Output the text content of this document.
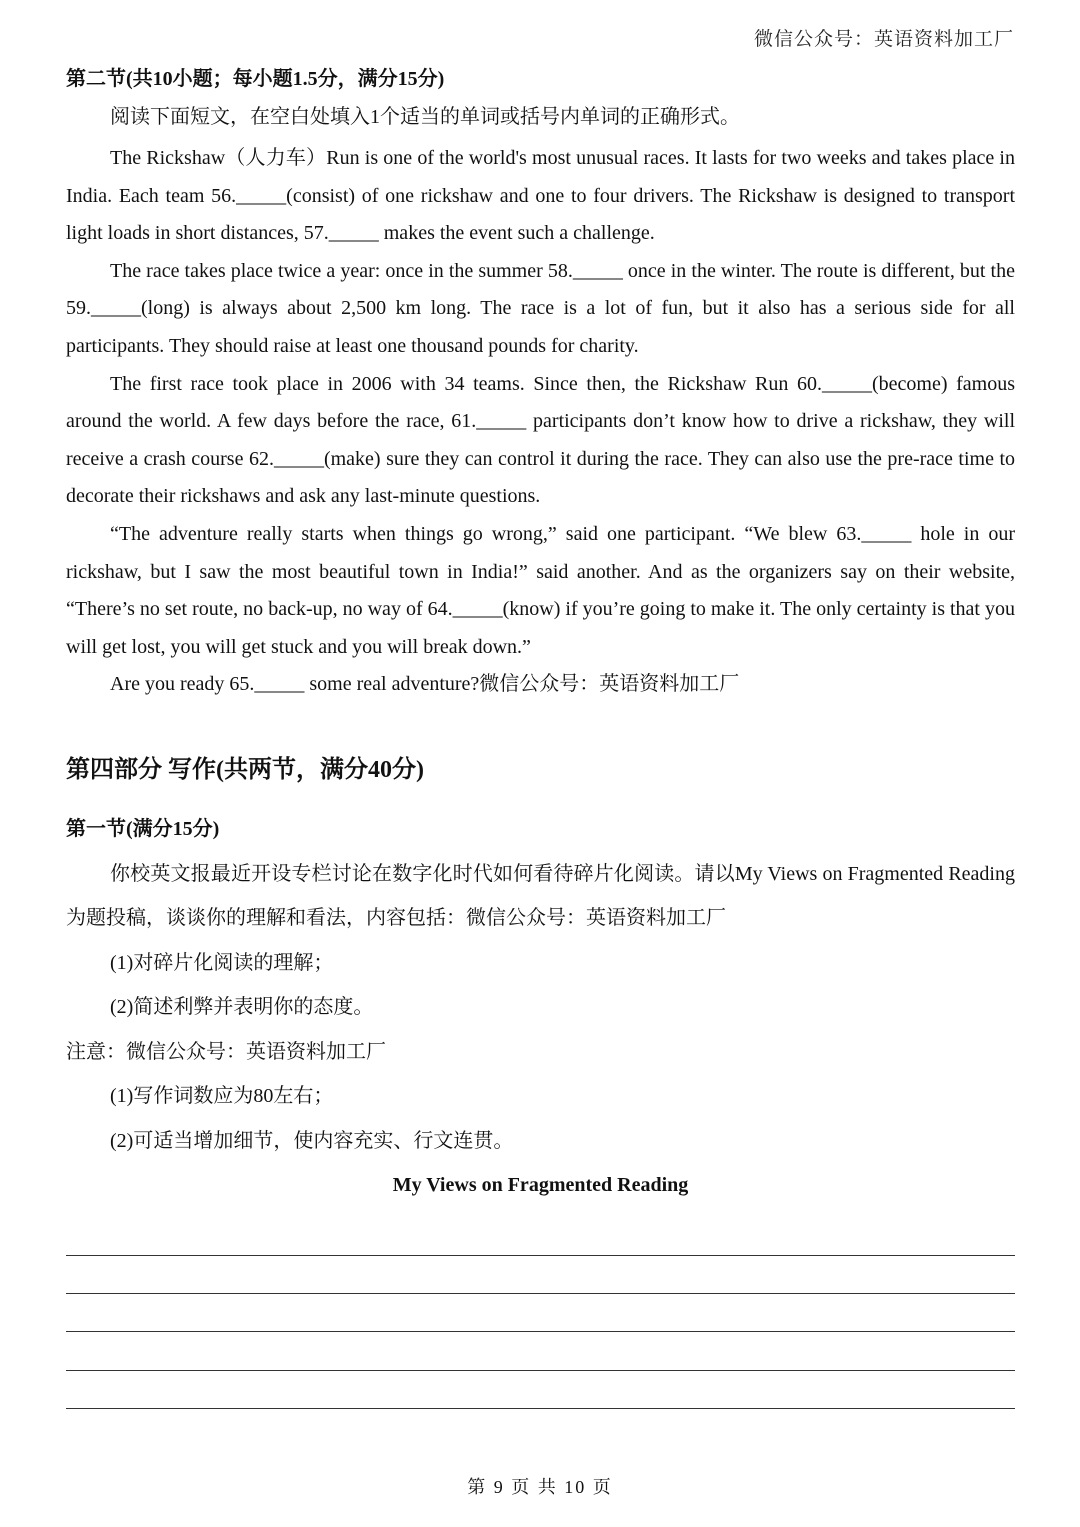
微信公众号：英语资料加工厂

第二节(共10小题；每小题1.5分，满分15分)

阅读下面短文，在空白处填入1个适当的单词或括号内单词的正确形式。

The Rickshaw（人力车）Run is one of the world's most unusual races. It lasts for two weeks and takes place in India. Each team 56._____(consist) of one rickshaw and one to four drivers. The Rickshaw is designed to transport light loads in short distances, 57._____ makes the event such a challenge.

The race takes place twice a year: once in the summer 58._____ once in the winter. The route is different, but the 59._____(long) is always about 2,500 km long. The race is a lot of fun, but it also has a serious side for all participants. They should raise at least one thousand pounds for charity.

The first race took place in 2006 with 34 teams. Since then, the Rickshaw Run 60._____(become) famous around the world. A few days before the race, 61._____ participants don’t know how to drive a rickshaw, they will receive a crash course 62._____(make) sure they can control it during the race. They can also use the pre-race time to decorate their rickshaws and ask any last-minute questions.

“The adventure really starts when things go wrong,” said one participant. “We blew 63._____ hole in our rickshaw, but I saw the most beautiful town in India!” said another. And as the organizers say on their website, “There’s no set route, no back-up, no way of 64._____(know) if you’re going to make it. The only certainty is that you will get lost, you will get stuck and you will break down.”

Are you ready 65._____ some real adventure?微信公众号：英语资料加工厂

第四部分 写作(共两节，满分40分)

第一节(满分15分)

你校英文报最近开设专栏讨论在数字化时代如何看待碎片化阅读。请以My Views on Fragmented Reading为题投稿，谈谈你的理解和看法，内容包括：微信公众号：英语资料加工厂

(1)对碎片化阅读的理解；

(2)简述利弊并表明你的态度。

注意：微信公众号：英语资料加工厂

(1)写作词数应为80左右；

(2)可适当增加细节，使内容充实、行文连贯。

My Views on Fragmented Reading

第 9 页 共 10 页
